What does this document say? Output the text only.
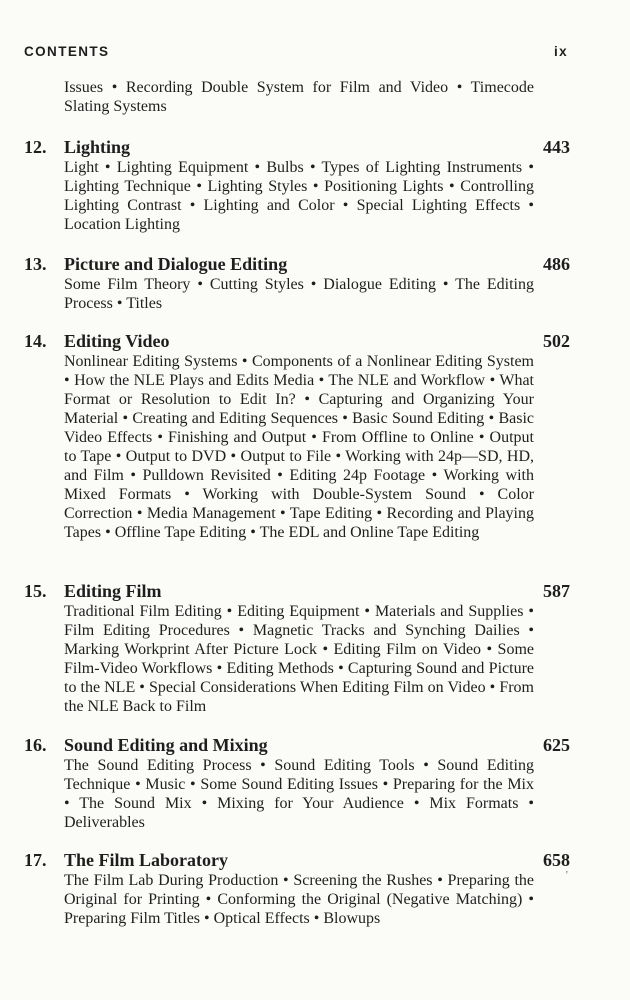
CONTENTS	ix
Issues • Recording Double System for Film and Video • Timecode Slating Systems
12. Lighting	443
Light • Lighting Equipment • Bulbs • Types of Lighting Instruments • Lighting Technique • Lighting Styles • Positioning Lights • Controlling Lighting Contrast • Lighting and Color • Special Lighting Effects • Location Lighting
13. Picture and Dialogue Editing	486
Some Film Theory • Cutting Styles • Dialogue Editing • The Editing Process • Titles
14. Editing Video	502
Nonlinear Editing Systems • Components of a Nonlinear Editing System • How the NLE Plays and Edits Media • The NLE and Workflow • What Format or Resolution to Edit In? • Capturing and Organizing Your Material • Creating and Editing Sequences • Basic Sound Editing • Basic Video Effects • Finishing and Output • From Offline to Online • Output to Tape • Output to DVD • Output to File • Working with 24p—SD, HD, and Film • Pulldown Revisited • Editing 24p Footage • Working with Mixed Formats • Working with Double-System Sound • Color Correction • Media Management • Tape Editing • Recording and Playing Tapes • Offline Tape Editing • The EDL and Online Tape Editing
15. Editing Film	587
Traditional Film Editing • Editing Equipment • Materials and Supplies • Film Editing Procedures • Magnetic Tracks and Synching Dailies • Marking Workprint After Picture Lock • Editing Film on Video • Some Film-Video Workflows • Editing Methods • Capturing Sound and Picture to the NLE • Special Considerations When Editing Film on Video • From the NLE Back to Film
16. Sound Editing and Mixing	625
The Sound Editing Process • Sound Editing Tools • Sound Editing Technique • Music • Some Sound Editing Issues • Preparing for the Mix • The Sound Mix • Mixing for Your Audience • Mix Formats • Deliverables
17. The Film Laboratory	658
The Film Lab During Production • Screening the Rushes • Preparing the Original for Printing • Conforming the Original (Negative Matching) • Preparing Film Titles • Optical Effects • Blowups
'
